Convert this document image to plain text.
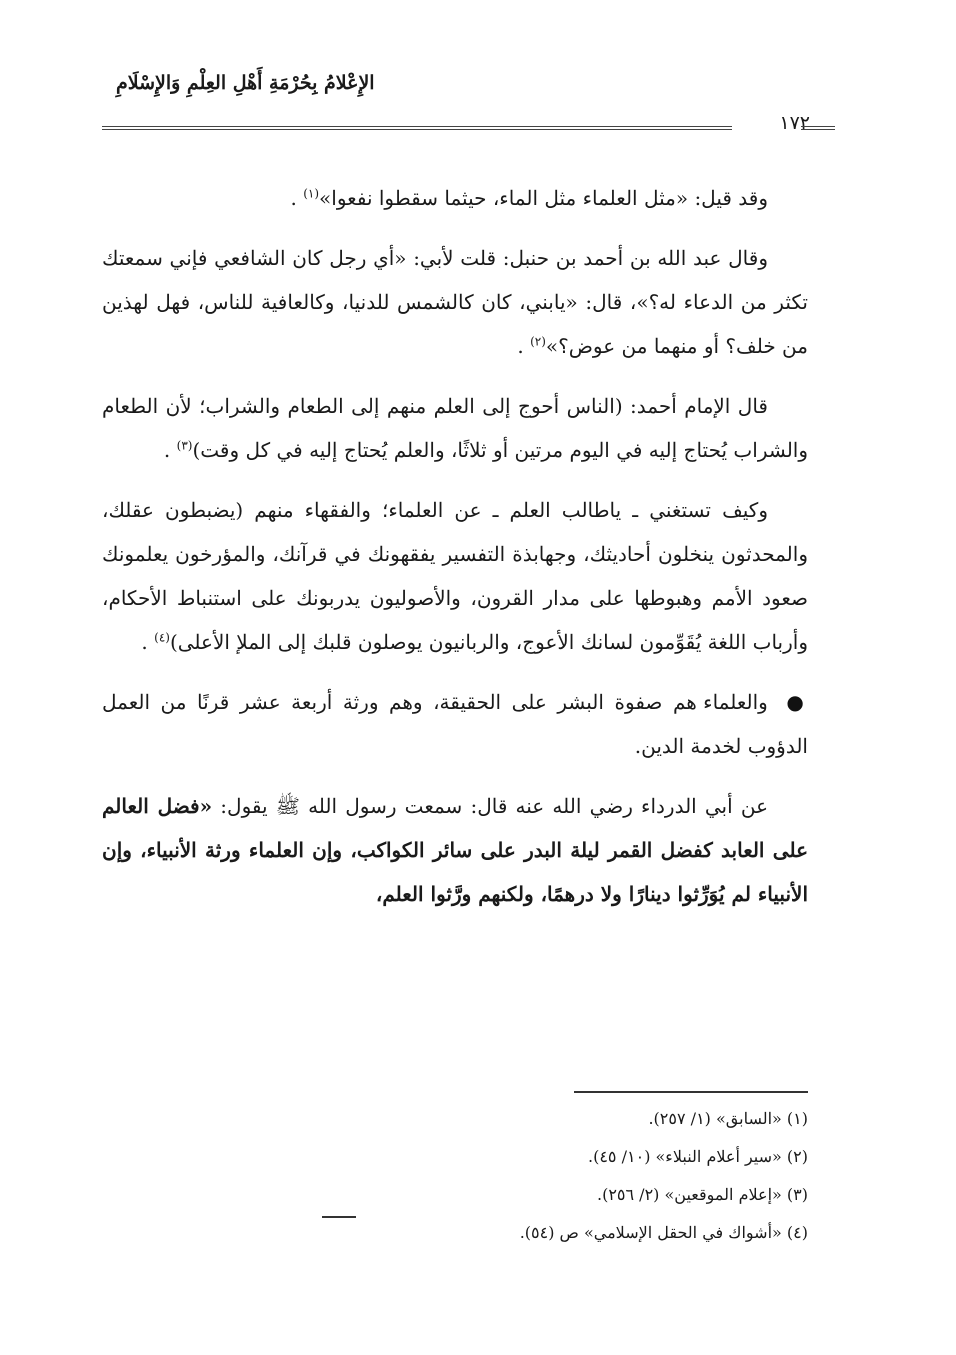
الإِعْلامُ بِحُرْمَةِ أَهْلِ العِلْمِ وَالإِسْلَامِ
١٧٢

وقد قيل: «مثل العلماء مثل الماء، حيثما سقطوا نفعوا»$^{(١)}$ .

وقال عبد الله بن أحمد بن حنبل: قلت لأبي: «أي رجل كان الشافعي فإني سمعتك تكثر من الدعاء له؟»، قال: «يابني، كان كالشمس للدنيا، وكالعافية للناس، فهل لهذين من خلف؟ أو منهما من عوض؟»$^{(٢)}$ .

قال الإمام أحمد: (الناس أحوج إلى العلم منهم إلى الطعام والشراب؛ لأن الطعام والشراب يُحتاج إليه في اليوم مرتين أو ثلاثًا، والعلم يُحتاج إليه في كل وقت)$^{(٣)}$ .

وكيف تستغني ـ ياطالب العلم ـ عن العلماء؛ والفقهاء منهم (يضبطون عقلك، والمحدثون ينخلون أحاديثك، وجهابذة التفسير يفقهونك في قرآنك، والمؤرخون يعلمونك صعود الأمم وهبوطها على مدار القرون، والأصوليون يدربونك على استنباط الأحكام، وأرباب اللغة يُقَوِّمون لسانك الأعوج، والربانيون يوصلون قلبك إلى الملإ الأعلى)$^{(٤)}$ .

● والعلماء هم صفوة البشر على الحقيقة، وهم ورثة أربعة عشر قرنًا من العمل الدؤوب لخدمة الدين.

عن أبي الدرداء رضي الله عنه قال: سمعت رسول الله ﷺ يقول: «فضل العالم على العابد كفضل القمر ليلة البدر على سائر الكواكب، وإن العلماء ورثة الأنبياء، وإن الأنبياء لم يُوَرِّثوا دينارًا ولا درهمًا، ولكنهم ورَّثوا العلم،

(١) «السابق» (١/ ٢٥٧).
(٢) «سير أعلام النبلاء» (١٠/ ٤٥).
(٣) «إعلام الموقعين» (٢/ ٢٥٦).
(٤) «أشواك في الحقل الإسلامي» ص (٥٤).
